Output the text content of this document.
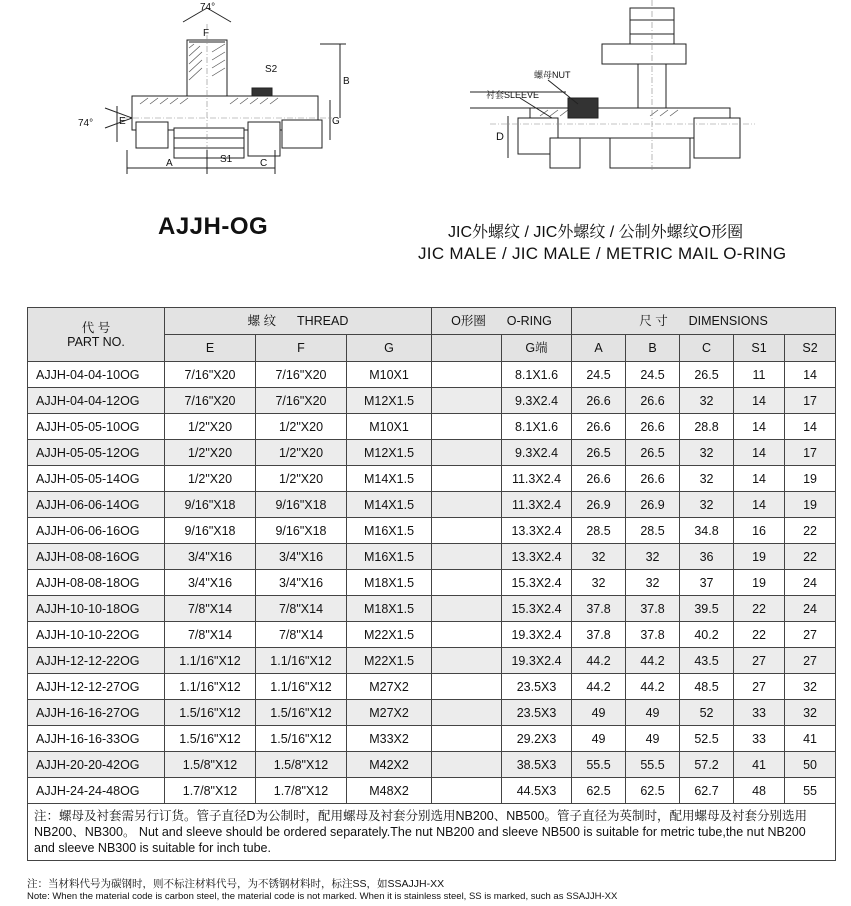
74°
F
S2
B
G
74°	E
A	S1	C
螺母NUT
衬套SLEEVE
D
AJJH-OG	JIC外螺纹 / JIC外螺纹 / 公制外螺纹O形圈
JIC MALE / JIC MALE / METRIC MAIL O-RING
代 号
PART NO.	螺 纹 THREAD			O形圈 O-RING		尺 寸 DIMENSIONS				
	E	F	G		G端	A	B	C	S1	S2
AJJH-04-04-10OG	7/16"X20	7/16"X20	M10X1		8.1X1.6	24.5	24.5	26.5	11	14
AJJH-04-04-12OG	7/16"X20	7/16"X20	M12X1.5		9.3X2.4	26.6	26.6	32	14	17
AJJH-05-05-10OG	1/2"X20	1/2"X20	M10X1		8.1X1.6	26.6	26.6	28.8	14	14
AJJH-05-05-12OG	1/2"X20	1/2"X20	M12X1.5		9.3X2.4	26.5	26.5	32	14	17
AJJH-05-05-14OG	1/2"X20	1/2"X20	M14X1.5		11.3X2.4	26.6	26.6	32	14	19
AJJH-06-06-14OG	9/16"X18	9/16"X18	M14X1.5		11.3X2.4	26.9	26.9	32	14	19
AJJH-06-06-16OG	9/16"X18	9/16"X18	M16X1.5		13.3X2.4	28.5	28.5	34.8	16	22
AJJH-08-08-16OG	3/4"X16	3/4"X16	M16X1.5		13.3X2.4	32	32	36	19	22
AJJH-08-08-18OG	3/4"X16	3/4"X16	M18X1.5		15.3X2.4	32	32	37	19	24
AJJH-10-10-18OG	7/8"X14	7/8"X14	M18X1.5		15.3X2.4	37.8	37.8	39.5	22	24
AJJH-10-10-22OG	7/8"X14	7/8"X14	M22X1.5		19.3X2.4	37.8	37.8	40.2	22	27
AJJH-12-12-22OG	1.1/16"X12	1.1/16"X12	M22X1.5		19.3X2.4	44.2	44.2	43.5	27	27
AJJH-12-12-27OG	1.1/16"X12	1.1/16"X12	M27X2		23.5X3	44.2	44.2	48.5	27	32
AJJH-16-16-27OG	1.5/16"X12	1.5/16"X12	M27X2		23.5X3	49	49	52	33	32
AJJH-16-16-33OG	1.5/16"X12	1.5/16"X12	M33X2		29.2X3	49	49	52.5	33	41
AJJH-20-20-42OG	1.5/8"X12	1.5/8"X12	M42X2		38.5X3	55.5	55.5	57.2	41	50
AJJH-24-24-48OG	1.7/8"X12	1.7/8"X12	M48X2		44.5X3	62.5	62.5	62.7	48	55
注：螺母及衬套需另行订货。管子直径D为公制时，配用螺母及衬套分别选用NB200、NB500。管子直径为英制时，配用螺母及衬套分别选用NB200、NB300。 Nut and sleeve should be ordered separately.The nut NB200 and sleeve NB500 is suitable for metric tube,the nut NB200 and sleeve NB300 is suitable for inch tube.										
注：当材料代号为碳钢时，则不标注材料代号，为不锈钢材料时，标注SS，如SSAJJH-XX
Note: When the material code is carbon steel, the material code is not marked. When it is stainless steel, SS is marked, such as SSAJJH-XX
